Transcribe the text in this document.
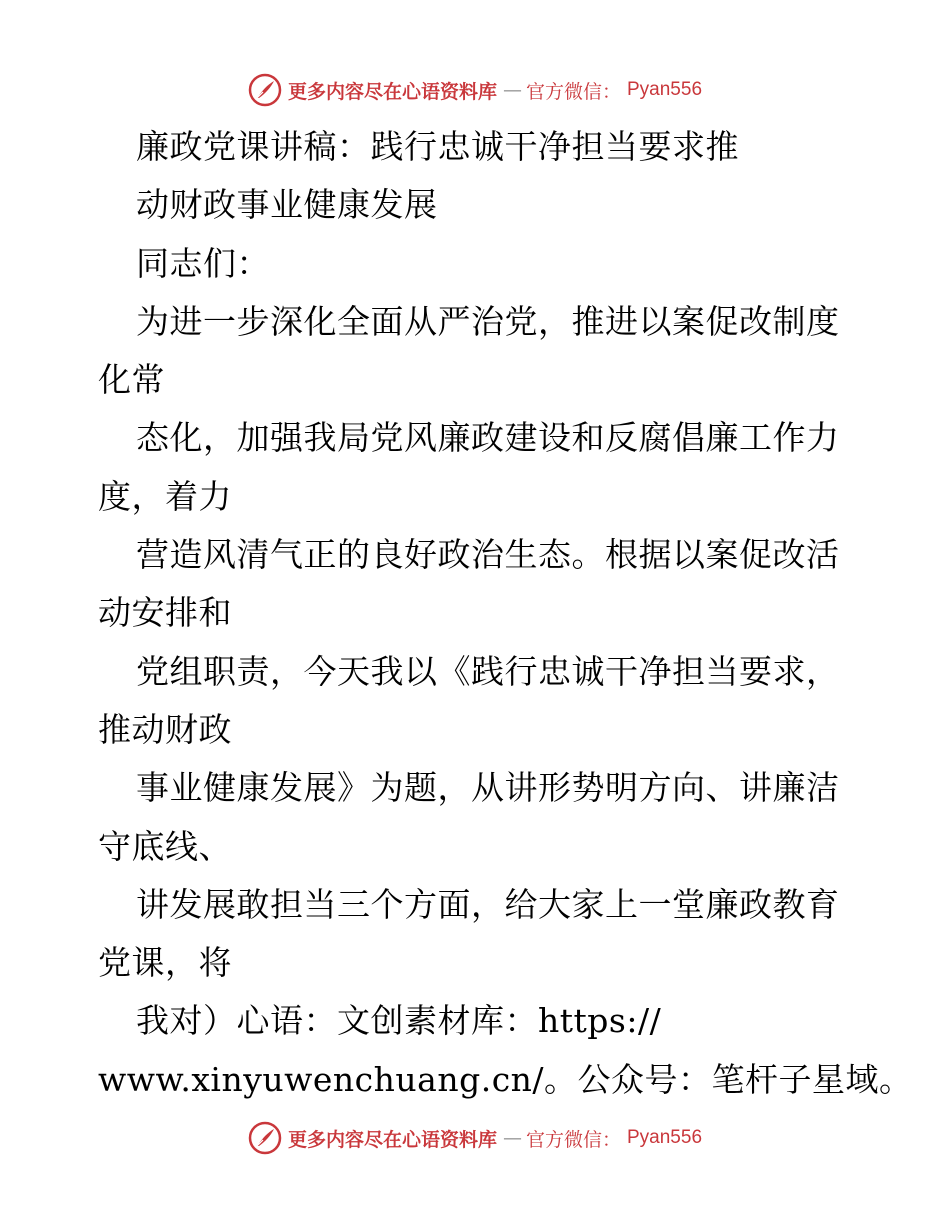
更多内容尽在心语资料库 — 官方微信： Pyan556
廉政党课讲稿：践行忠诚干净担当要求推
动财政事业健康发展
同志们：
为进一步深化全面从严治党，推进以案促改制度
化常
态化，加强我局党风廉政建设和反腐倡廉工作力
度，着力
营造风清气正的良好政治生态。根据以案促改活
动安排和
党组职责，今天我以《践行忠诚干净担当要求，
推动财政
事业健康发展》为题，从讲形势明方向、讲廉洁
守底线、
讲发展敢担当三个方面，给大家上一堂廉政教育
党课，将
我对）心语：文创素材库：https://
www.xinyuwenchuang.cn/。公众号：笔杆子星域。
更多内容尽在心语资料库 — 官方微信： Pyan556
